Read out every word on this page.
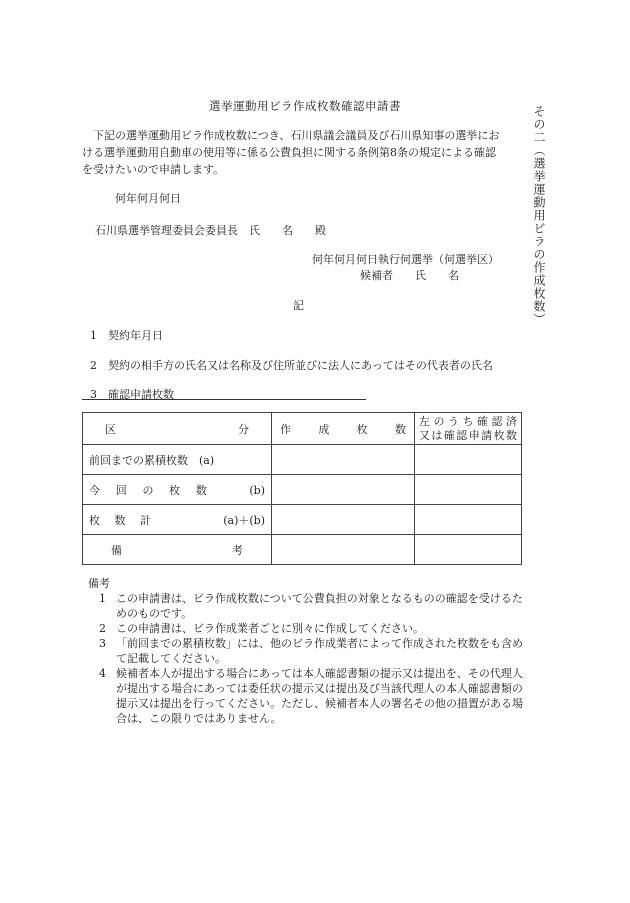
選挙運動用ビラ作成枚数確認申請書	その二（選挙運動用ビラの作成枚数）

　下記の選挙運動用ビラ作成枚数につき、石川県議会議員及び石川県知事の選挙にお

ける選挙運動用自動車の使用等に係る公費負担に関する条例第8条の規定による確認

を受けたいので申請します。

何年何月何日
石川県選挙管理委員会委員長　氏　　名　　殿
何年何月何日執行何選挙（何選挙区）
候補者　　氏　　名
記
1　契約年月日
2　契約の相手方の氏名又は名称及び住所並びに法人にあってはその代表者の氏名
3　確認申請枚数
区　　分	作成枚数	左のうち確認済
又は確認申請枚数

前回までの累積枚数　(a)		

今回の枚数　(b)		

枚数計 (a)＋(b)		

備　　考		

備考
1 この申請書は、ビラ作成枚数について公費負担の対象となるものの確認を受けるためのものです。
2 この申請書は、ビラ作成業者ごとに別々に作成してください。
3 「前回までの累積枚数」には、他のビラ作成業者によって作成された枚数をも含めて記載してください。
4 候補者本人が提出する場合にあっては本人確認書類の提示又は提出を、その代理人が提出する場合にあっては委任状の提示又は提出及び当該代理人の本人確認書類の提示又は提出を行ってください。ただし、候補者本人の署名その他の措置がある場合は、この限りではありません。
